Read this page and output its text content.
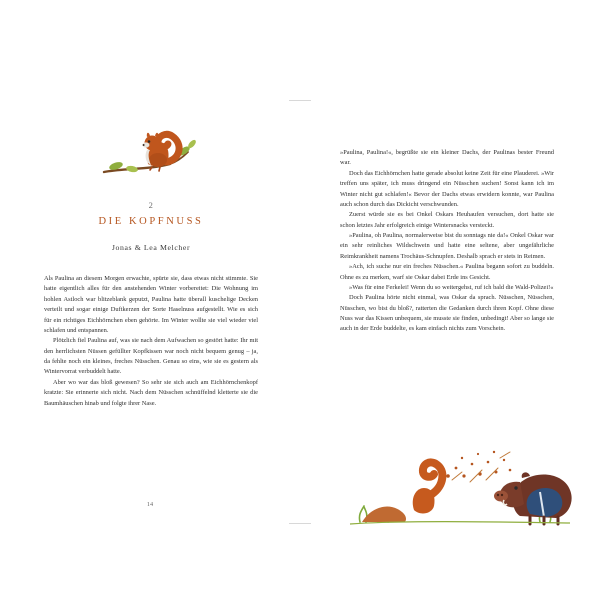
2
DIE KOPFNUSS
Jonas & Lea Melcher

Als Paulina an diesem Morgen erwachte, spürte sie, dass etwas nicht stimmte. Sie hatte eigentlich alles für den anstehenden Winter vorbereitet: Die Wohnung im hohlen Astloch war blitzeblank geputzt, Paulina hatte überall kuschelige Decken verteilt und sogar einige Duftkerzen der Sorte Haselnuss aufgestellt. Wie es sich für ein richtiges Eichhörnchen eben gehörte. Im Winter wollte sie viel wieder viel schlafen und entspannen.

Plötzlich fiel Paulina auf, was sie nach dem Aufwachen so gestört hatte: Ihr mit den herrlichsten Nüssen gefüllter Kopfkissen war noch nicht bequem genug – ja, da fehlte noch ein kleines, freches Nüsschen. Genau so eins, wie sie es gestern als Wintervorrat verbuddelt hatte.

Aber wo war das bloß gewesen? So sehr sie sich auch am Eichhörnchenkopf kratzte: Sie erinnerte sich nicht. Nach dem Nüsschen schnüffelnd kletterte sie die Baumhäuschen hinab und folgte ihrer Nase.

14

»Paulina, Paulina!«, begrüßte sie ein kleiner Dachs, der Paulinas bester Freund war.

Doch das Eichhörnchen hatte gerade absolut keine Zeit für eine Plauderei. »Wir treffen uns später, ich muss dringend ein Nüsschen suchen! Sonst kann ich im Winter nicht gut schlafen!« Bevor der Dachs etwas erwidern konnte, war Paulina auch schon durch das Dickicht verschwunden.

Zuerst würde sie es bei Onkel Oskars Heuhaufen versuchen, dort hatte sie schon letztes Jahr erfolgreich einige Wintersnacks versteckt.

»Paulina, oh Paulina, normalerweise bist du sonntags nie da!« Onkel Oskar war ein sehr reinliches Wildschwein und hatte eine seltene, aber ungefährliche Reimkrankheit namens Trochäus-Schnupfen. Deshalb sprach er stets in Reimen.

»Ach, ich suche nur ein freches Nüsschen.« Paulina begann sofort zu buddeln. Ohne es zu merken, warf sie Oskar dabei Erde ins Gesicht.

»Was für eine Ferkelei! Wenn du so weitergehst, ruf ich bald die Wald-Polizei!«

Doch Paulina hörte nicht einmal, was Oskar da sprach. Nüsschen, Nüsschen, Nüsschen, wo bist du bloß?, ratterten die Gedanken durch ihren Kopf. Ohne diese Nuss war das Kissen unbequem, sie musste sie finden, unbedingt! Aber so lange sie auch in der Erde buddelte, es kam einfach nichts zum Vorschein.
